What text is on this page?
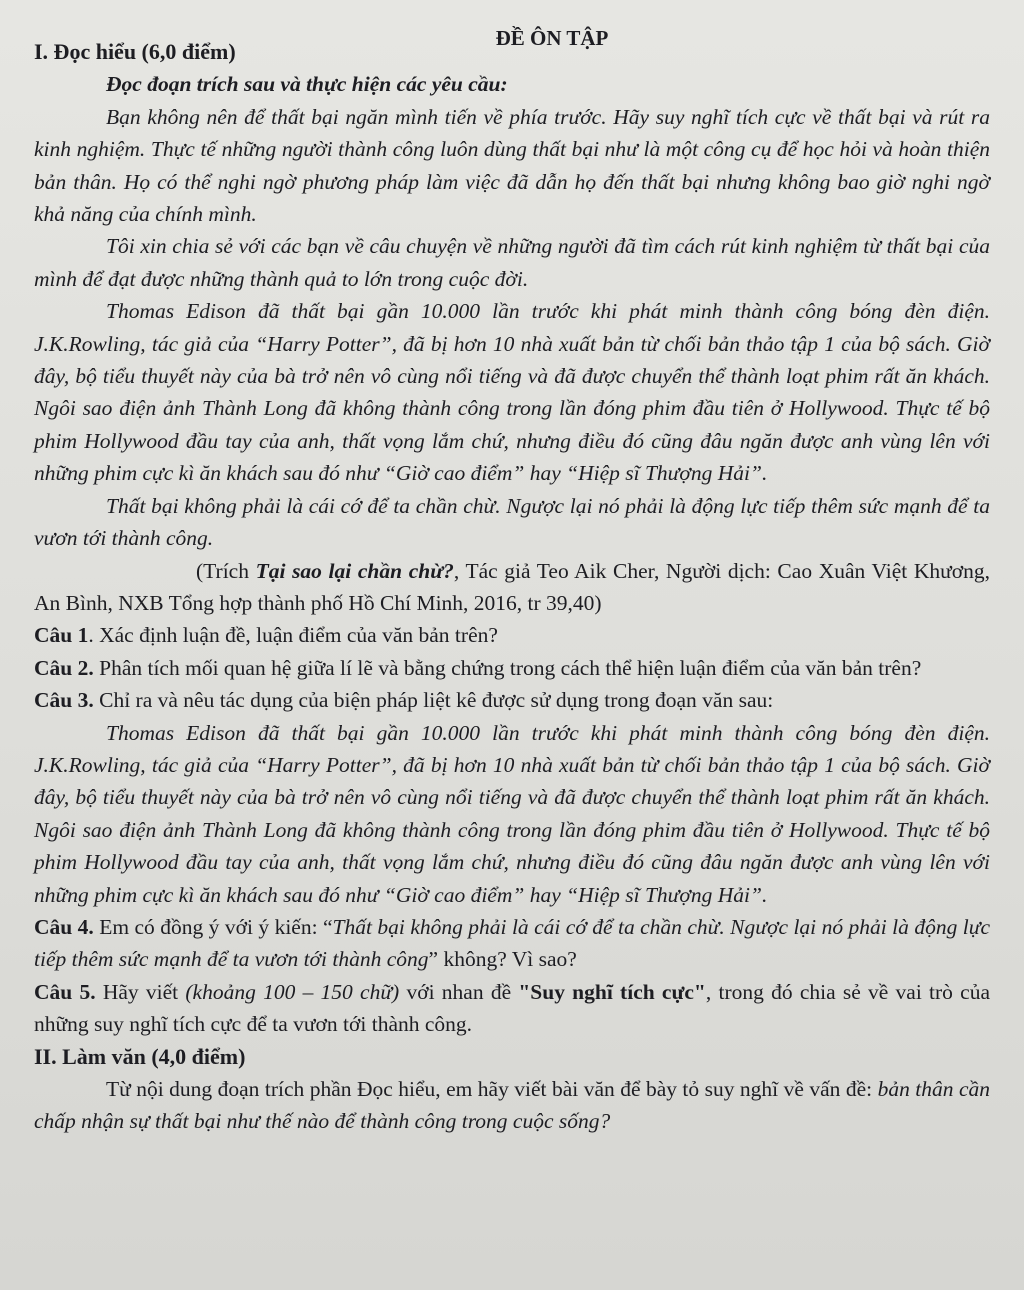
ĐỀ ÔN TẬP
I. Đọc hiểu (6,0 điểm)
Đọc đoạn trích sau và thực hiện các yêu cầu:

Bạn không nên để thất bại ngăn mình tiến về phía trước. Hãy suy nghĩ tích cực về thất bại và rút ra kinh nghiệm. Thực tế những người thành công luôn dùng thất bại như là một công cụ để học hỏi và hoàn thiện bản thân. Họ có thể nghi ngờ phương pháp làm việc đã dẫn họ đến thất bại nhưng không bao giờ nghi ngờ khả năng của chính mình.

Tôi xin chia sẻ với các bạn về câu chuyện về những người đã tìm cách rút kinh nghiệm từ thất bại của mình để đạt được những thành quả to lớn trong cuộc đời.

Thomas Edison đã thất bại gần 10.000 lần trước khi phát minh thành công bóng đèn điện. J.K.Rowling, tác giả của “Harry Potter”, đã bị hơn 10 nhà xuất bản từ chối bản thảo tập 1 của bộ sách. Giờ đây, bộ tiểu thuyết này của bà trở nên vô cùng nổi tiếng và đã được chuyển thể thành loạt phim rất ăn khách. Ngôi sao điện ảnh Thành Long đã không thành công trong lần đóng phim đầu tiên ở Hollywood. Thực tế bộ phim Hollywood đầu tay của anh, thất vọng lắm chứ, nhưng điều đó cũng đâu ngăn được anh vùng lên với những phim cực kì ăn khách sau đó như “Giờ cao điểm” hay “Hiệp sĩ Thượng Hải”.

Thất bại không phải là cái cớ để ta chần chừ. Ngược lại nó phải là động lực tiếp thêm sức mạnh để ta vươn tới thành công.

(Trích Tại sao lại chần chừ?, Tác giả Teo Aik Cher, Người dịch: Cao Xuân Việt Khương, An Bình, NXB Tổng hợp thành phố Hồ Chí Minh, 2016, tr 39,40)

Câu 1. Xác định luận đề, luận điểm của văn bản trên?

Câu 2. Phân tích mối quan hệ giữa lí lẽ và bằng chứng trong cách thể hiện luận điểm của văn bản trên?

Câu 3. Chỉ ra và nêu tác dụng của biện pháp liệt kê được sử dụng trong đoạn văn sau:

Thomas Edison đã thất bại gần 10.000 lần trước khi phát minh thành công bóng đèn điện. J.K.Rowling, tác giả của “Harry Potter”, đã bị hơn 10 nhà xuất bản từ chối bản thảo tập 1 của bộ sách. Giờ đây, bộ tiểu thuyết này của bà trở nên vô cùng nổi tiếng và đã được chuyển thể thành loạt phim rất ăn khách. Ngôi sao điện ảnh Thành Long đã không thành công trong lần đóng phim đầu tiên ở Hollywood. Thực tế bộ phim Hollywood đầu tay của anh, thất vọng lắm chứ, nhưng điều đó cũng đâu ngăn được anh vùng lên với những phim cực kì ăn khách sau đó như “Giờ cao điểm” hay “Hiệp sĩ Thượng Hải”.

Câu 4. Em có đồng ý với ý kiến: “Thất bại không phải là cái cớ để ta chần chừ. Ngược lại nó phải là động lực tiếp thêm sức mạnh để ta vươn tới thành công” không? Vì sao?

Câu 5. Hãy viết (khoảng 100 – 150 chữ) với nhan đề "Suy nghĩ tích cực", trong đó chia sẻ về vai trò của những suy nghĩ tích cực để ta vươn tới thành công.

II. Làm văn (4,0 điểm)

Từ nội dung đoạn trích phần Đọc hiểu, em hãy viết bài văn để bày tỏ suy nghĩ về vấn đề: bản thân cần chấp nhận sự thất bại như thế nào để thành công trong cuộc sống?
